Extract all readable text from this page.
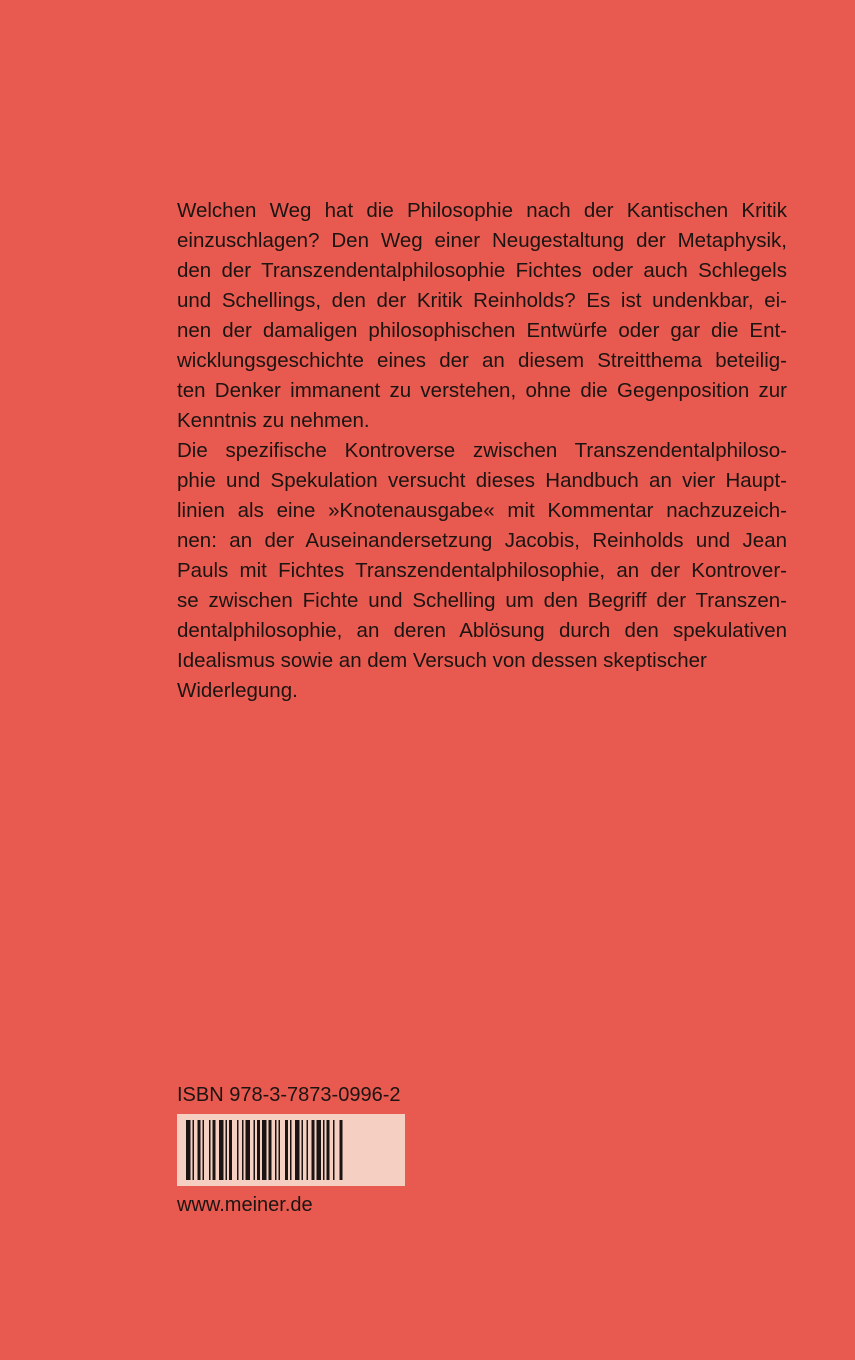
Welchen Weg hat die Philosophie nach der Kantischen Kritik
einzuschlagen? Den Weg einer Neugestaltung der Metaphysik,
den der Transzendentalphilosophie Fichtes oder auch Schlegels
und Schellings, den der Kritik Reinholds? Es ist undenkbar, ei-
nen der damaligen philosophischen Entwürfe oder gar die Ent-
wicklungsgeschichte eines der an diesem Streitthema beteilig-
ten Denker immanent zu verstehen, ohne die Gegenposition zur
Kenntnis zu nehmen.
Die spezifische Kontroverse zwischen Transzendentalphiloso-
phie und Spekulation versucht dieses Handbuch an vier Haupt-
linien als eine »Knotenausgabe« mit Kommentar nachzuzeich-
nen: an der Auseinandersetzung Jacobis, Reinholds und Jean
Pauls mit Fichtes Transzendentalphilosophie, an der Kontrover-
se zwischen Fichte und Schelling um den Begriff der Transzen-
dentalphilosophie, an deren Ablösung durch den spekulativen
Idealismus sowie an dem Versuch von dessen skeptischer
Widerlegung.
ISBN 978-3-7873-0996-2
www.meiner.de
